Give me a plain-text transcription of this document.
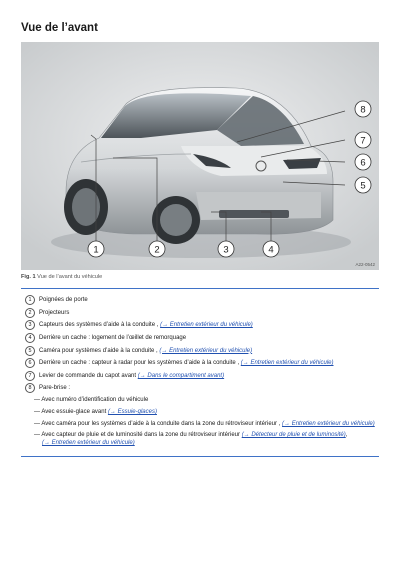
Vue de l’avant
8
7
6
5
1	2	3	4
A22-0542
Fig. 1 Vue de l’avant du véhicule
1	Poignées de porte
2	Projecteurs
3	Capteurs des systèmes d’aide à la conduite ,
(→ Entretien extérieur du véhicule)
4	Derrière un cache : logement de l’œillet de remorquage
5	Caméra pour systèmes d’aide à la conduite ,
(→ Entretien extérieur du véhicule)
6	Derrière un cache : capteur à radar pour les systèmes d’aide à la conduite ,
(→ Entretien extérieur du véhicule)
7	Levier de commande du capot avant
(→ Dans le compartiment avant)
8	Pare-brise :
— Avec numéro d’identification du véhicule
— Avec essuie-glace avant (→ Essuie-glaces)
— Avec caméra pour les systèmes d’aide à la conduite dans la zone du rétroviseur intérieur , (→ Entretien extérieur du véhicule)
— Avec capteur de pluie et de luminosité dans la zone du rétroviseur intérieur (→ Détecteur de pluie et de luminosité),
(→ Entretien extérieur du véhicule)
